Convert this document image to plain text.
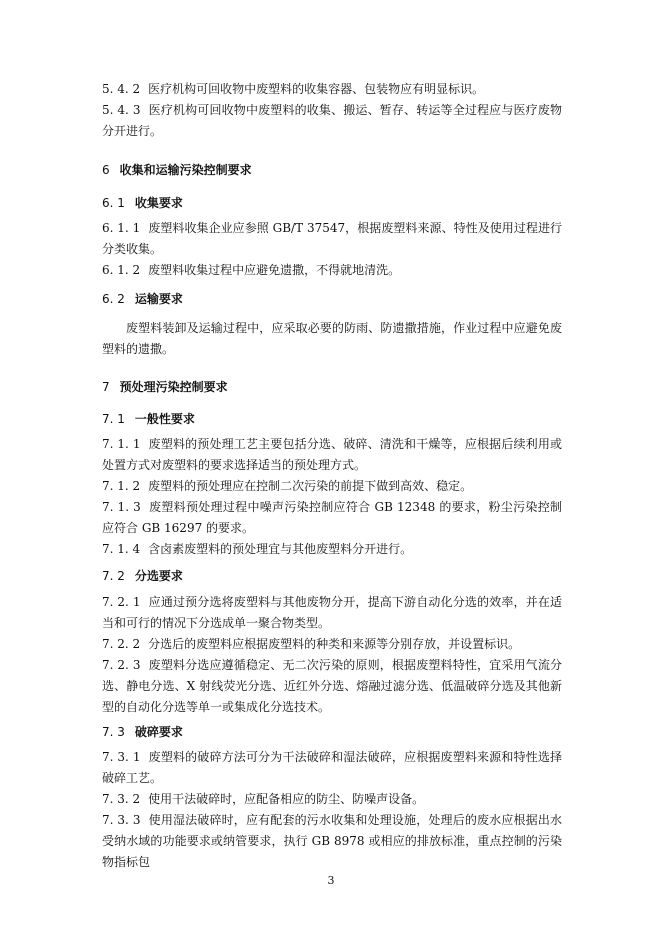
5. 4. 2 医疗机构可回收物中废塑料的收集容器、包装物应有明显标识。
5. 4. 3 医疗机构可回收物中废塑料的收集、搬运、暂存、转运等全过程应与医疗废物分开进行。
6 收集和运输污染控制要求
6. 1 收集要求
6. 1. 1 废塑料收集企业应参照 GB/T 37547，根据废塑料来源、特性及使用过程进行分类收集。
6. 1. 2 废塑料收集过程中应避免遗撒，不得就地清洗。
6. 2 运输要求
废塑料装卸及运输过程中，应采取必要的防雨、防遗撒措施，作业过程中应避免废塑料的遗撒。
7 预处理污染控制要求
7. 1 一般性要求
7. 1. 1 废塑料的预处理工艺主要包括分选、破碎、清洗和干燥等，应根据后续利用或处置方式对废塑料的要求选择适当的预处理方式。
7. 1. 2 废塑料的预处理应在控制二次污染的前提下做到高效、稳定。
7. 1. 3 废塑料预处理过程中噪声污染控制应符合 GB 12348 的要求，粉尘污染控制应符合 GB 16297 的要求。
7. 1. 4 含卤素废塑料的预处理宜与其他废塑料分开进行。
7. 2 分选要求
7. 2. 1 应通过预分选将废塑料与其他废物分开，提高下游自动化分选的效率，并在适当和可行的情况下分选成单一聚合物类型。
7. 2. 2 分选后的废塑料应根据废塑料的种类和来源等分别存放，并设置标识。
7. 2. 3 废塑料分选应遵循稳定、无二次污染的原则，根据废塑料特性，宜采用气流分选、静电分选、X 射线荧光分选、近红外分选、熔融过滤分选、低温破碎分选及其他新型的自动化分选等单一或集成化分选技术。
7. 3 破碎要求
7. 3. 1 废塑料的破碎方法可分为干法破碎和湿法破碎，应根据废塑料来源和特性选择破碎工艺。
7. 3. 2 使用干法破碎时，应配备相应的防尘、防噪声设备。
7. 3. 3 使用湿法破碎时，应有配套的污水收集和处理设施，处理后的废水应根据出水受纳水域的功能要求或纳管要求，执行 GB 8978 或相应的排放标准，重点控制的污染物指标包
3
